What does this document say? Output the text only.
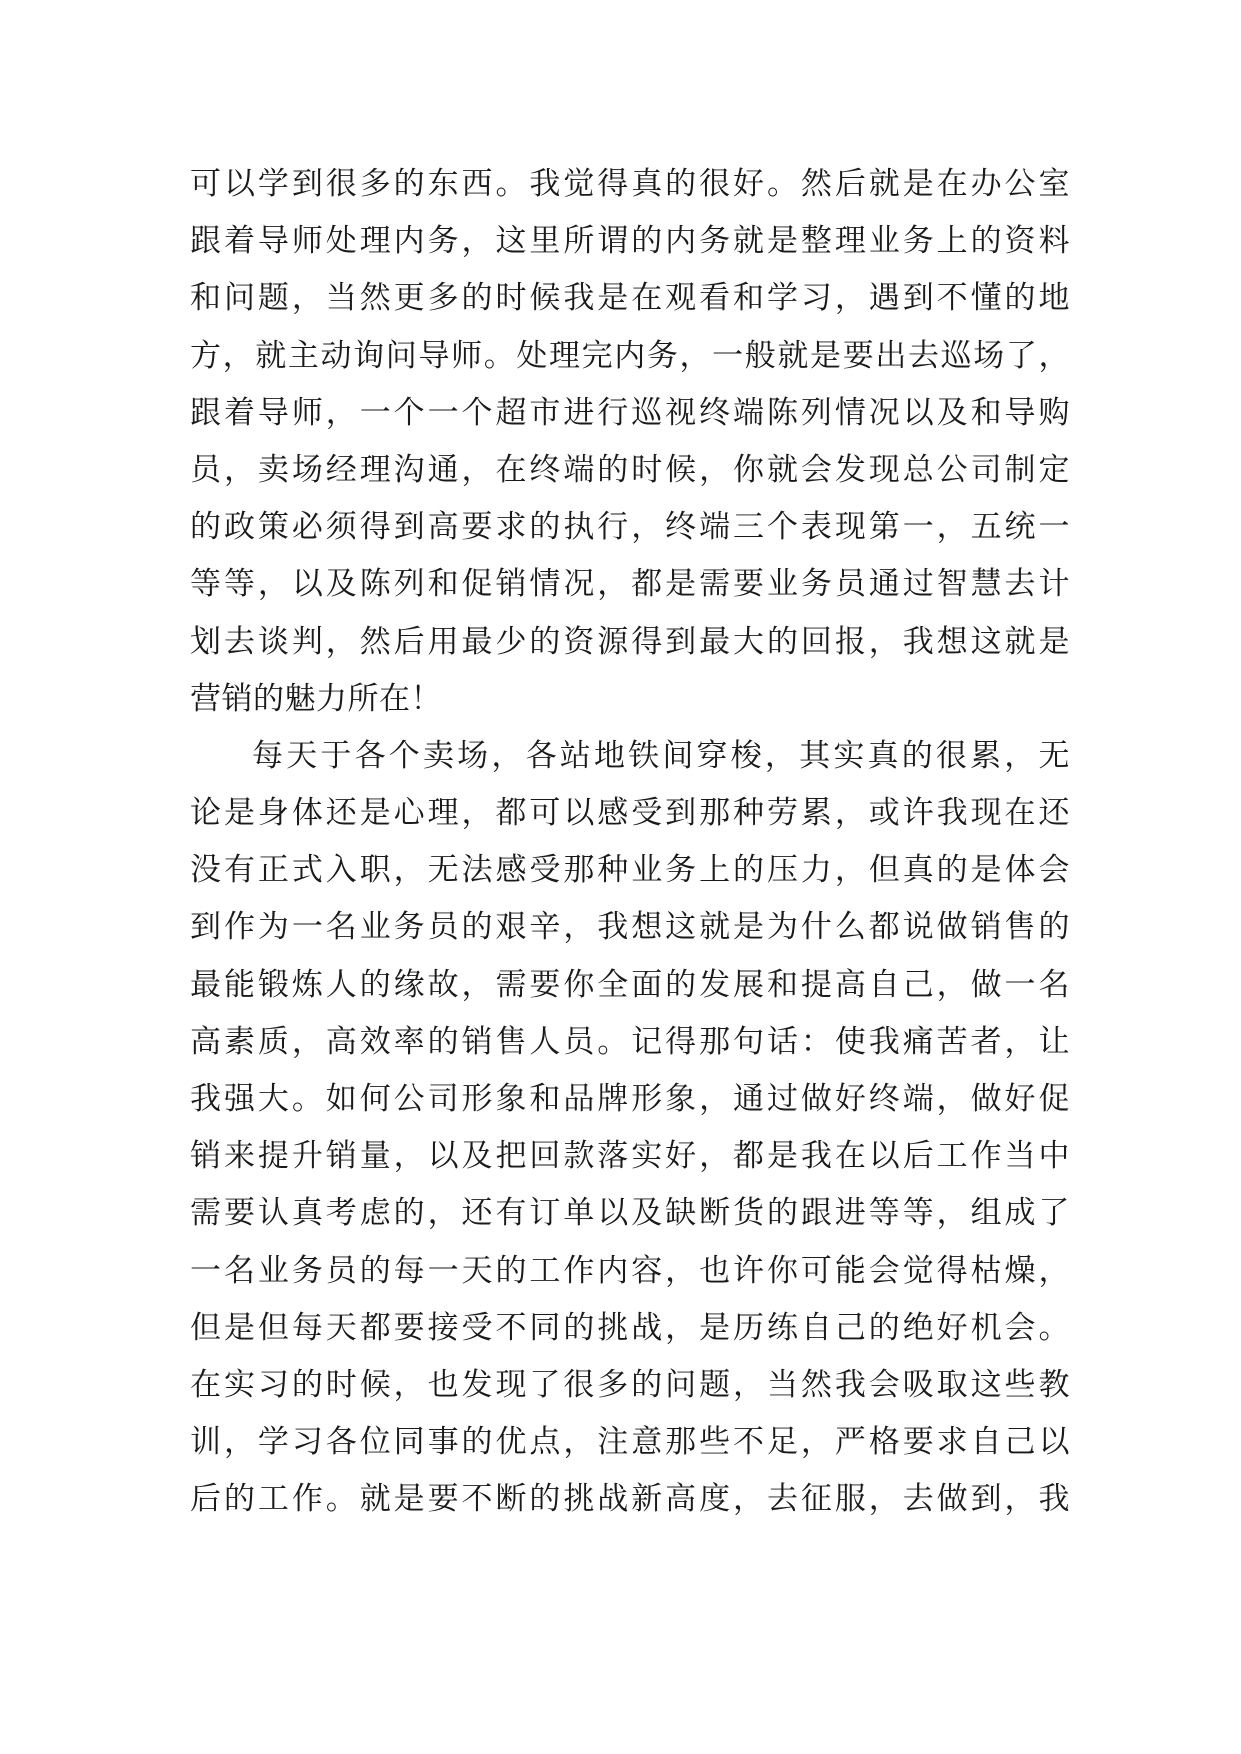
可以学到很多的东西。我觉得真的很好。然后就是在办公室
跟着导师处理内务，这里所谓的内务就是整理业务上的资料
和问题，当然更多的时候我是在观看和学习，遇到不懂的地
方，就主动询问导师。处理完内务，一般就是要出去巡场了，
跟着导师，一个一个超市进行巡视终端陈列情况以及和导购
员，卖场经理沟通，在终端的时候，你就会发现总公司制定
的政策必须得到高要求的执行，终端三个表现第一，五统一
等等，以及陈列和促销情况，都是需要业务员通过智慧去计
划去谈判，然后用最少的资源得到最大的回报，我想这就是
营销的魅力所在！
每天于各个卖场，各站地铁间穿梭，其实真的很累，无
论是身体还是心理，都可以感受到那种劳累，或许我现在还
没有正式入职，无法感受那种业务上的压力，但真的是体会
到作为一名业务员的艰辛，我想这就是为什么都说做销售的
最能锻炼人的缘故，需要你全面的发展和提高自己，做一名
高素质，高效率的销售人员。记得那句话：使我痛苦者，让
我强大。如何公司形象和品牌形象，通过做好终端，做好促
销来提升销量，以及把回款落实好，都是我在以后工作当中
需要认真考虑的，还有订单以及缺断货的跟进等等，组成了
一名业务员的每一天的工作内容，也许你可能会觉得枯燥，
但是但每天都要接受不同的挑战，是历练自己的绝好机会。
在实习的时候，也发现了很多的问题，当然我会吸取这些教
训，学习各位同事的优点，注意那些不足，严格要求自己以
后的工作。就是要不断的挑战新高度，去征服，去做到，我
